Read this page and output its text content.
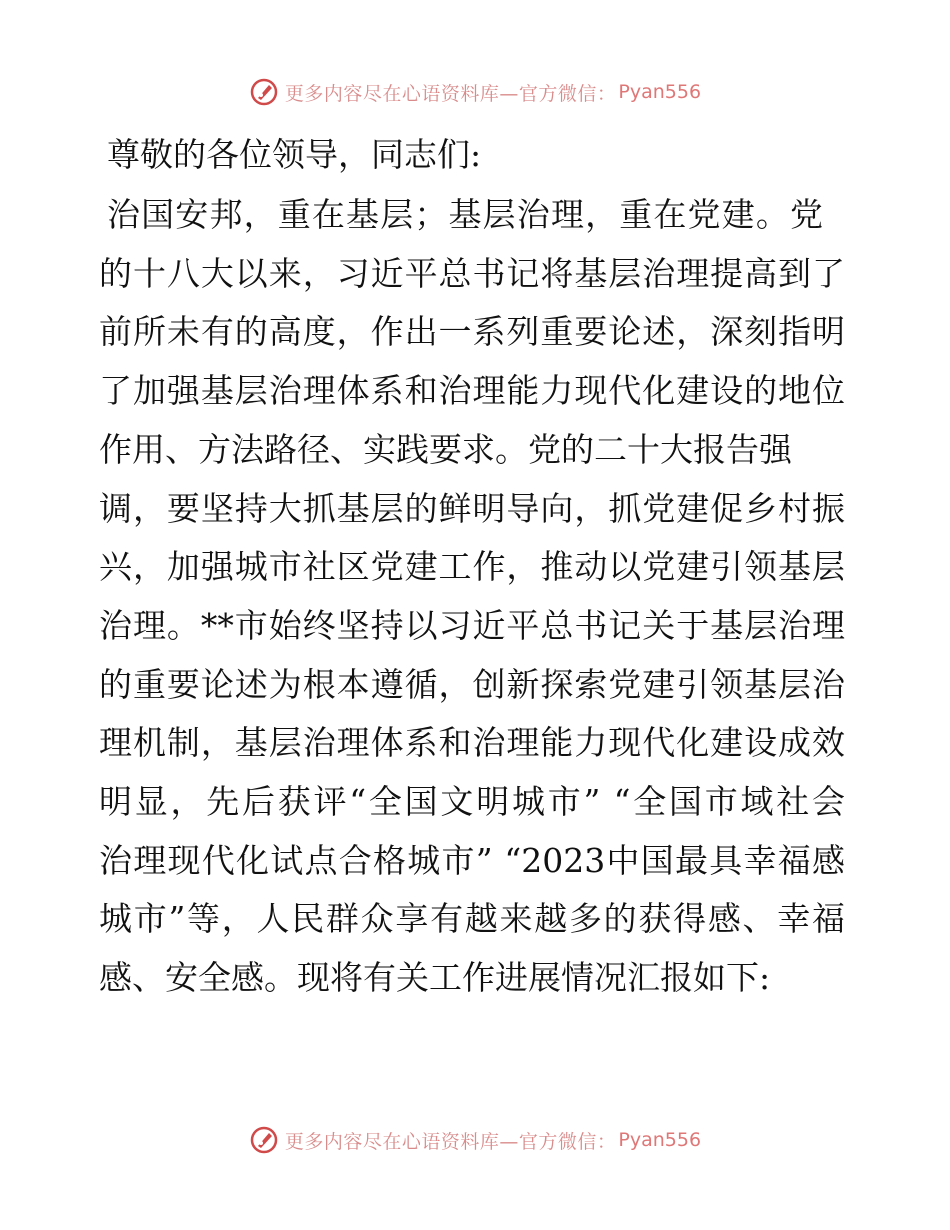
更多内容尽在心语资料库—官方微信： Pyan556

尊敬的各位领导，同志们:

治国安邦，重在基层；基层治理，重在党建。党
的十八大以来，习近平总书记将基层治理提高到了
前所未有的高度，作出一系列重要论述，深刻指明
了加强基层治理体系和治理能力现代化建设的地位
作用、方法路径、实践要求。党的二十大报告强
调，要坚持大抓基层的鲜明导向，抓党建促乡村振
兴，加强城市社区党建工作，推动以党建引领基层
治理。**市始终坚持以习近平总书记关于基层治理
的重要论述为根本遵循，创新探索党建引领基层治
理机制，基层治理体系和治理能力现代化建设成效
明显，先后获评“全国文明城市” “全国市域社会
治理现代化试点合格城市” “2023中国最具幸福感
城市”等，人民群众享有越来越多的获得感、幸福
感、安全感。现将有关工作进展情况汇报如下:

更多内容尽在心语资料库—官方微信： Pyan556
